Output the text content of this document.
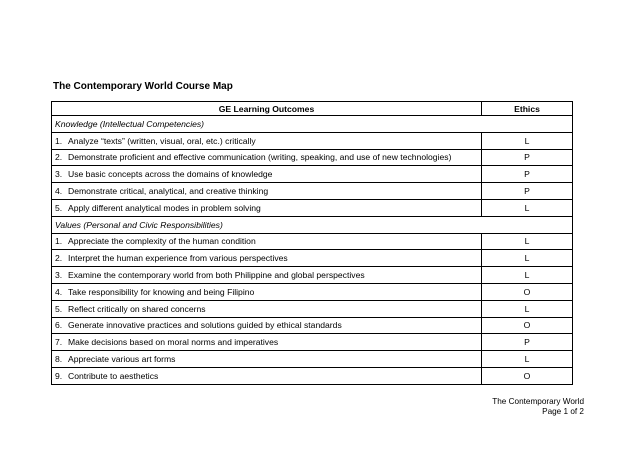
The Contemporary World Course Map
GE Learning Outcomes	Ethics
Knowledge (Intellectual Competencies)	
1. Analyze “texts” (written, visual, oral, etc.) critically	L
2. Demonstrate proficient and effective communication (writing, speaking, and use of new technologies)	P
3. Use basic concepts across the domains of knowledge	P
4. Demonstrate critical, analytical, and creative thinking	P
5. Apply different analytical modes in problem solving	L
Values (Personal and Civic Responsibilities)	
1. Appreciate the complexity of the human condition	L
2. Interpret the human experience from various perspectives	L
3. Examine the contemporary world from both Philippine and global perspectives	L
4. Take responsibility for knowing and being Filipino	O
5. Reflect critically on shared concerns	L
6. Generate innovative practices and solutions guided by ethical standards	O
7. Make decisions based on moral norms and imperatives	P
8. Appreciate various art forms	L
9. Contribute to aesthetics	O
The Contemporary World
Page 1 of 2
